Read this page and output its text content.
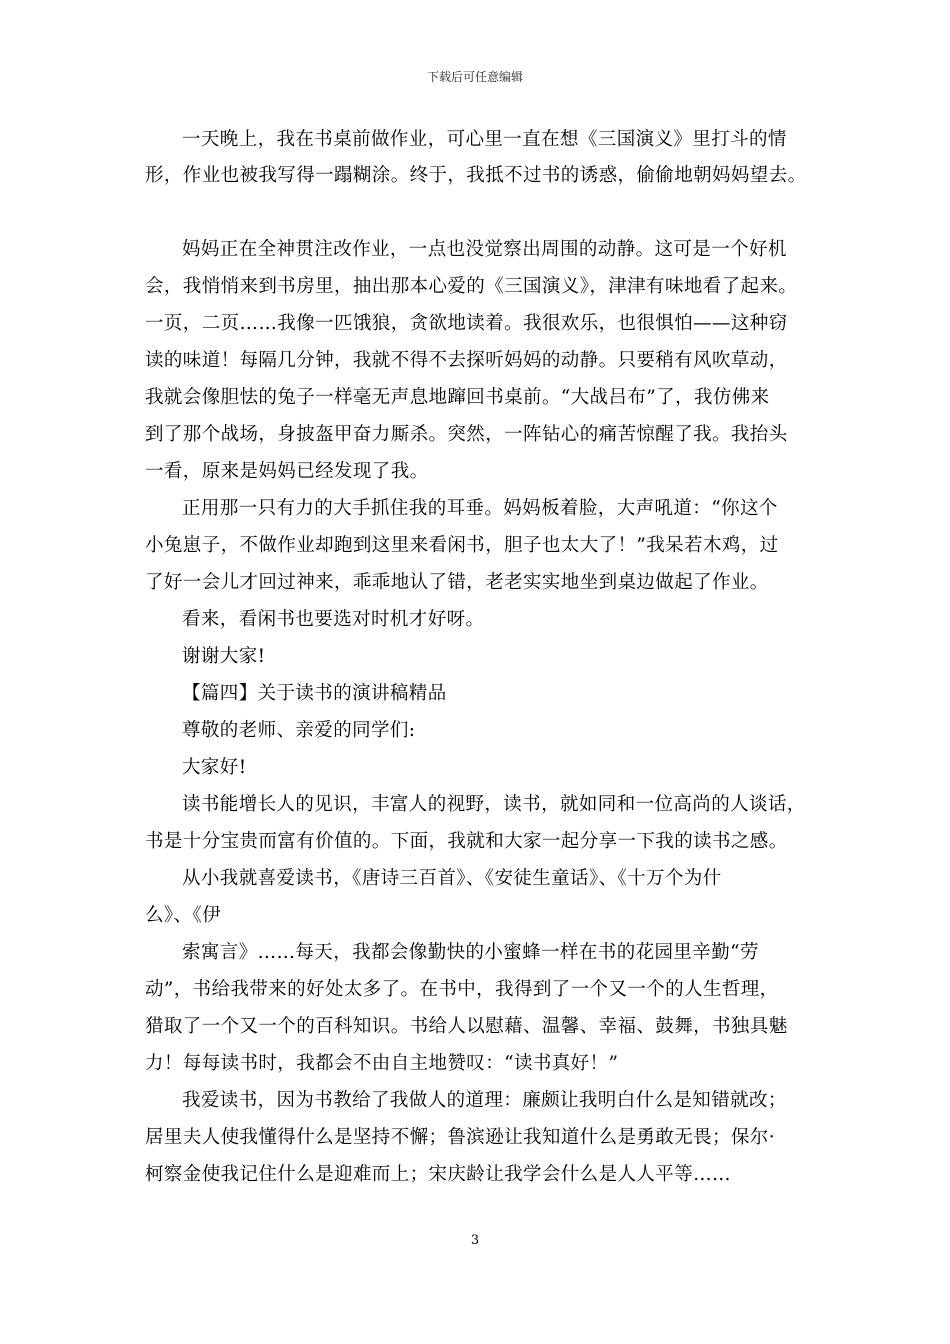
下载后可任意编辑
一天晚上，我在书桌前做作业，可心里一直在想《三国演义》里打斗的情
形，作业也被我写得一蹋糊涂。终于，我抵不过书的诱惑，偷偷地朝妈妈望去。
妈妈正在全神贯注改作业，一点也没觉察出周围的动静。这可是一个好机
会，我悄悄来到书房里，抽出那本心爱的《三国演义》，津津有味地看了起来。
一页，二页……我像一匹饿狼，贪欲地读着。我很欢乐，也很惧怕——这种窃
读的味道！每隔几分钟，我就不得不去探听妈妈的动静。只要稍有风吹草动，
我就会像胆怯的兔子一样毫无声息地蹿回书桌前。“大战吕布”了，我仿佛来
到了那个战场，身披盔甲奋力厮杀。突然，一阵钻心的痛苦惊醒了我。我抬头
一看，原来是妈妈已经发现了我。
正用那一只有力的大手抓住我的耳垂。妈妈板着脸，大声吼道：“你这个
小兔崽子，不做作业却跑到这里来看闲书，胆子也太大了！”我呆若木鸡，过
了好一会儿才回过神来，乖乖地认了错，老老实实地坐到桌边做起了作业。
看来，看闲书也要选对时机才好呀。
谢谢大家!
【篇四】关于读书的演讲稿精品
尊敬的老师、亲爱的同学们:
大家好!
读书能增长人的见识，丰富人的视野，读书，就如同和一位高尚的人谈话，
书是十分宝贵而富有价值的。下面，我就和大家一起分享一下我的读书之感。
从小我就喜爱读书，《唐诗三百首》、《安徒生童话》、《十万个为什
么》、《伊
索寓言》……每天，我都会像勤快的小蜜蜂一样在书的花园里辛勤“劳
动”，书给我带来的好处太多了。在书中，我得到了一个又一个的人生哲理，
猎取了一个又一个的百科知识。书给人以慰藉、温馨、幸福、鼓舞，书独具魅
力！每每读书时，我都会不由自主地赞叹：“读书真好！”
我爱读书，因为书教给了我做人的道理：廉颇让我明白什么是知错就改；
居里夫人使我懂得什么是坚持不懈；鲁滨逊让我知道什么是勇敢无畏；保尔·
柯察金使我记住什么是迎难而上；宋庆龄让我学会什么是人人平等……
3
